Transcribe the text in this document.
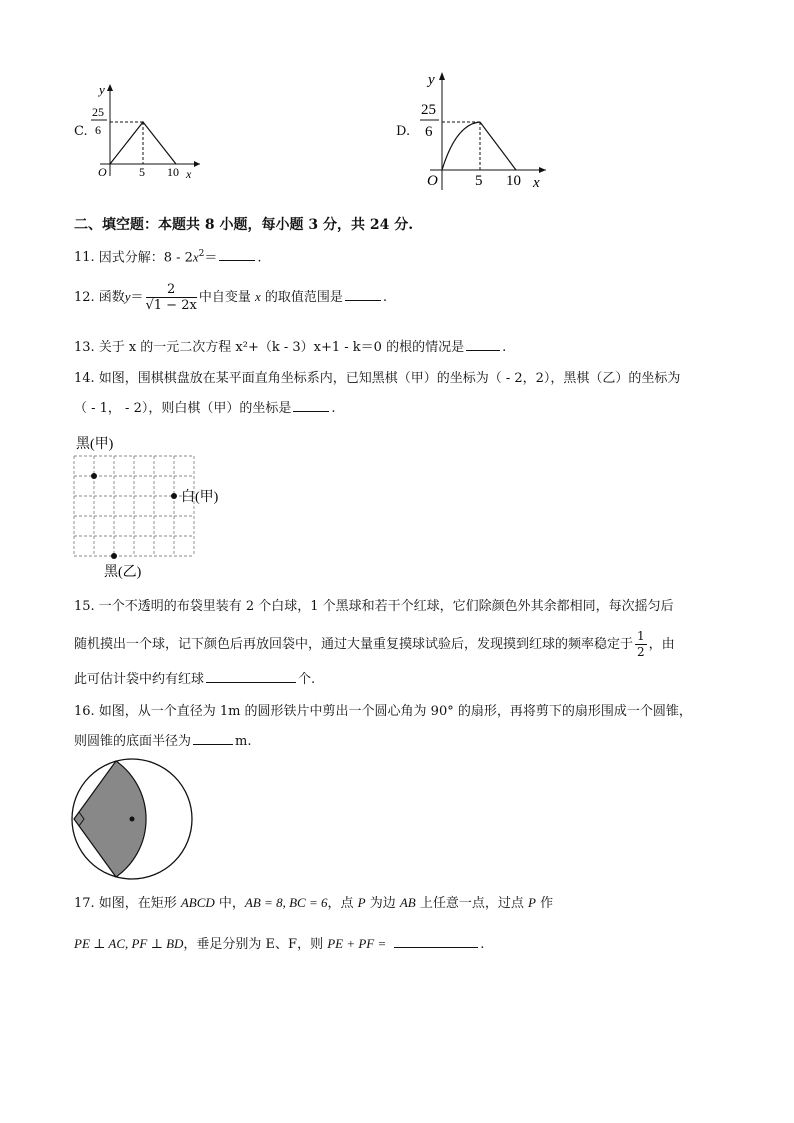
C.
y
25
6
O	5 10 x
D.
y
25
6
O 5 10 x
二、填空题：本题共 8 小题，每小题 3 分，共 24 分.
11. 因式分解：$8 - 2x^2=$	.
12. 函数$y= \frac{2}{√1 - 2x}$ 中自变量 x 的取值范围是	.
13. 关于 x 的一元二次方程 x²+（k - 3）x+1 - k＝0 的根的情况是	.
14. 如图，围棋棋盘放在某平面直角坐标系内，已知黑棋（甲）的坐标为（ - 2，2），黑棋（乙）的坐标为
（ - 1， - 2），则白棋（甲）的坐标是	.
黑(甲)
白(甲)
黑(乙)
15. 一个不透明的布袋里装有 2 个白球，1 个黑球和若干个红球，它们除颜色外其余都相同，每次摇匀后
随机摸出一个球，记下颜色后再放回袋中，通过大量重复摸球试验后，发现摸到红球的频率稳定于 $\frac{1}{2}$ ，由
此可估计袋中约有红球	个.
16. 如图，从一个直径为 1m 的圆形铁片中剪出一个圆心角为 90° 的扇形，再将剪下的扇形围成一个圆锥，
则圆锥的底面半径为	m.
17. 如图，在矩形 ABCD 中，AB = 8, BC = 6，点 P 为边 AB 上任意一点，过点 P 作
PE ⊥ AC, PF ⊥ BD，垂足分别为 E、F，则 PE + PF =	.
